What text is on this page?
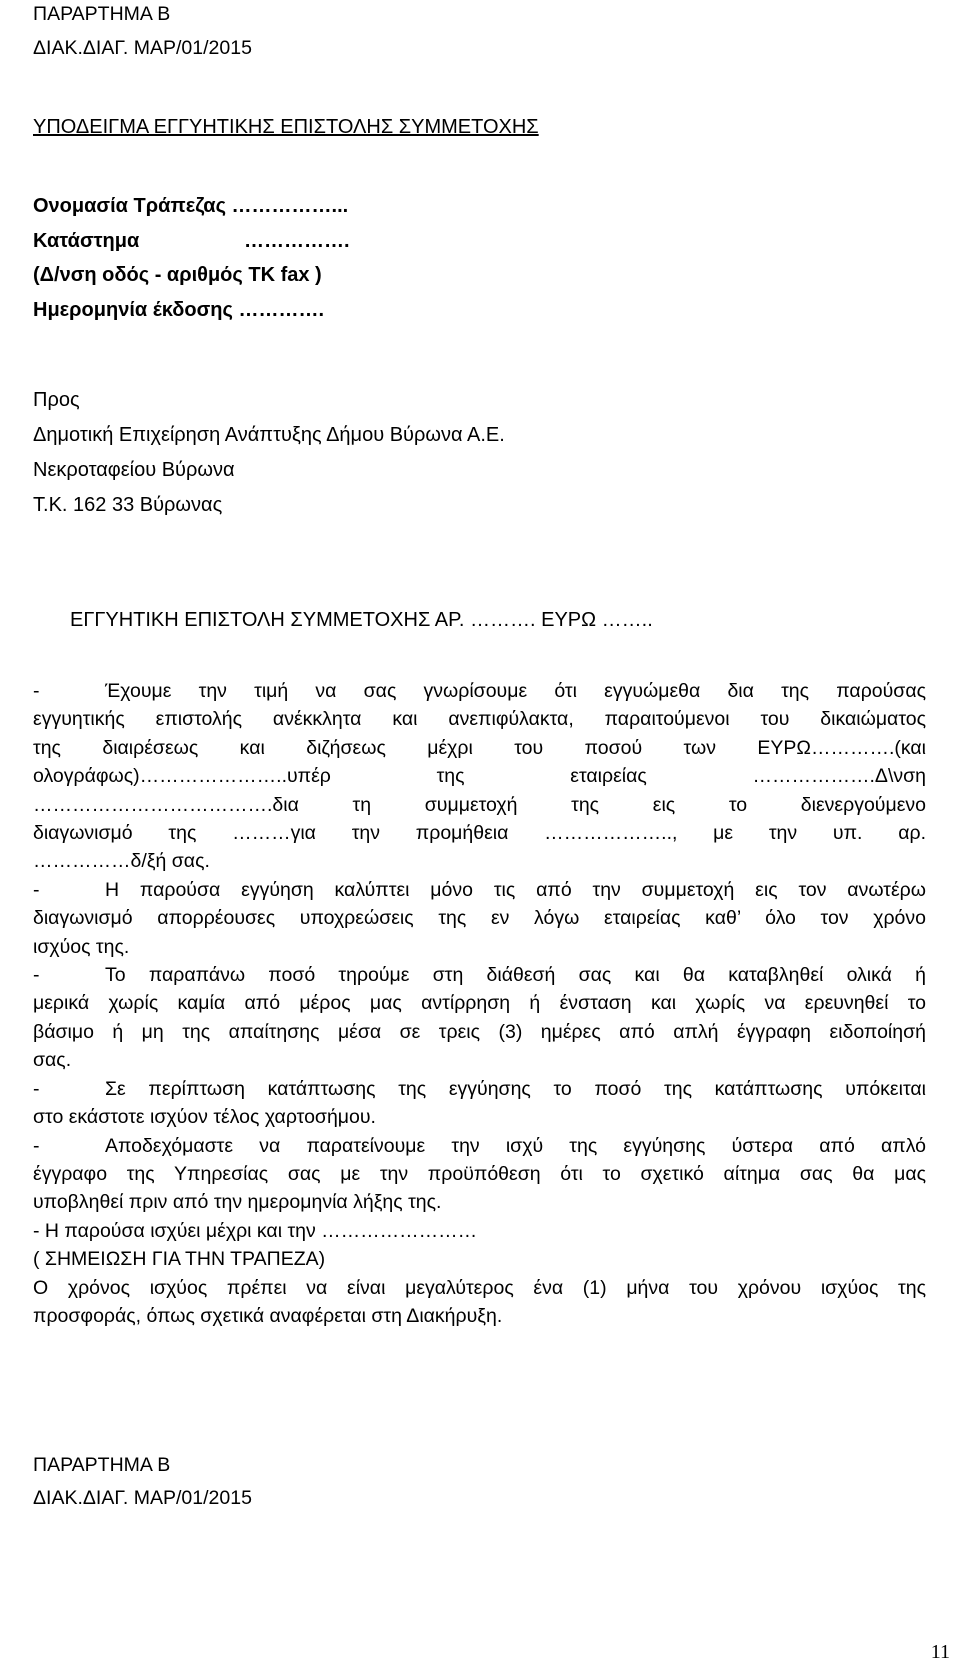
ΠΑΡΑΡΤΗΜΑ Β
ΔΙΑΚ.ΔΙΑΓ. ΜΑΡ/01/2015
ΥΠΟΔΕΙΓΜΑ ΕΓΓΥΗΤΙΚΗΣ ΕΠΙΣΤΟΛΗΣ ΣΥΜΜΕΤΟΧΗΣ
Ονομασία Τράπεζας ……………...
Κατάστημα	…………….
(Δ/νση οδός - αριθμός ΤΚ fax )
Ημερομηνία έκδοσης ………….
Προς
Δημοτική Επιχείρηση Ανάπτυξης Δήμου Βύρωνα Α.Ε.
Νεκροταφείου Βύρωνα
Τ.Κ. 162 33 Βύρωνας
ΕΓΓΥΗΤΙΚΗ ΕΠΙΣΤΟΛΗ ΣΥΜΜΕΤΟΧΗΣ ΑΡ. ………. ΕΥΡΩ ……..
-	Έχουμε την τιμή να σας γνωρίσουμε ότι εγγυώμεθα δια της παρούσας
εγγυητικής επιστολής ανέκκλητα και ανεπιφύλακτα, παραιτούμενοι του δικαιώματος
της διαιρέσεως και διζήσεως μέχρι του ποσού των ΕΥΡΩ………….(και
ολογράφως)…………………..υπέρ της εταιρείας ……………….Δ\νση
……………………………….δια τη συμμετοχή της εις το διενεργούμενο
διαγωνισμό της ………για την προμήθεια ……………….., με την υπ. αρ.
……………δ/ξή σας.
-	Η παρούσα εγγύηση καλύπτει μόνο τις από την συμμετοχή εις τον ανωτέρω
διαγωνισμό απορρέουσες υποχρεώσεις της εν λόγω εταιρείας καθ’ όλο τον χρόνο
ισχύος της.
-	Το παραπάνω ποσό τηρούμε στη διάθεσή σας και θα καταβληθεί ολικά ή
μερικά χωρίς καμία από μέρος μας αντίρρηση ή ένσταση και χωρίς να ερευνηθεί το
βάσιμο ή μη της απαίτησης μέσα σε τρεις (3) ημέρες από απλή έγγραφη ειδοποίησή
σας.
-	Σε περίπτωση κατάπτωσης της εγγύησης το ποσό της κατάπτωσης υπόκειται
στο εκάστοτε ισχύον τέλος χαρτοσήμου.
-	Αποδεχόμαστε να παρατείνουμε την ισχύ της εγγύησης ύστερα από απλό
έγγραφο της Υπηρεσίας σας με την προϋπόθεση ότι το σχετικό αίτημα σας θα μας
υποβληθεί πριν από την ημερομηνία λήξης της.
- Η παρούσα ισχύει μέχρι και την ……………………
( ΣΗΜΕΙΩΣΗ ΓΙΑ ΤΗΝ ΤΡΑΠΕΖΑ)
Ο χρόνος ισχύος πρέπει να είναι μεγαλύτερος ένα (1) μήνα του χρόνου ισχύος της
προσφοράς, όπως σχετικά αναφέρεται στη Διακήρυξη.
ΠΑΡΑΡΤΗΜΑ Β
ΔΙΑΚ.ΔΙΑΓ. ΜΑΡ/01/2015
11
